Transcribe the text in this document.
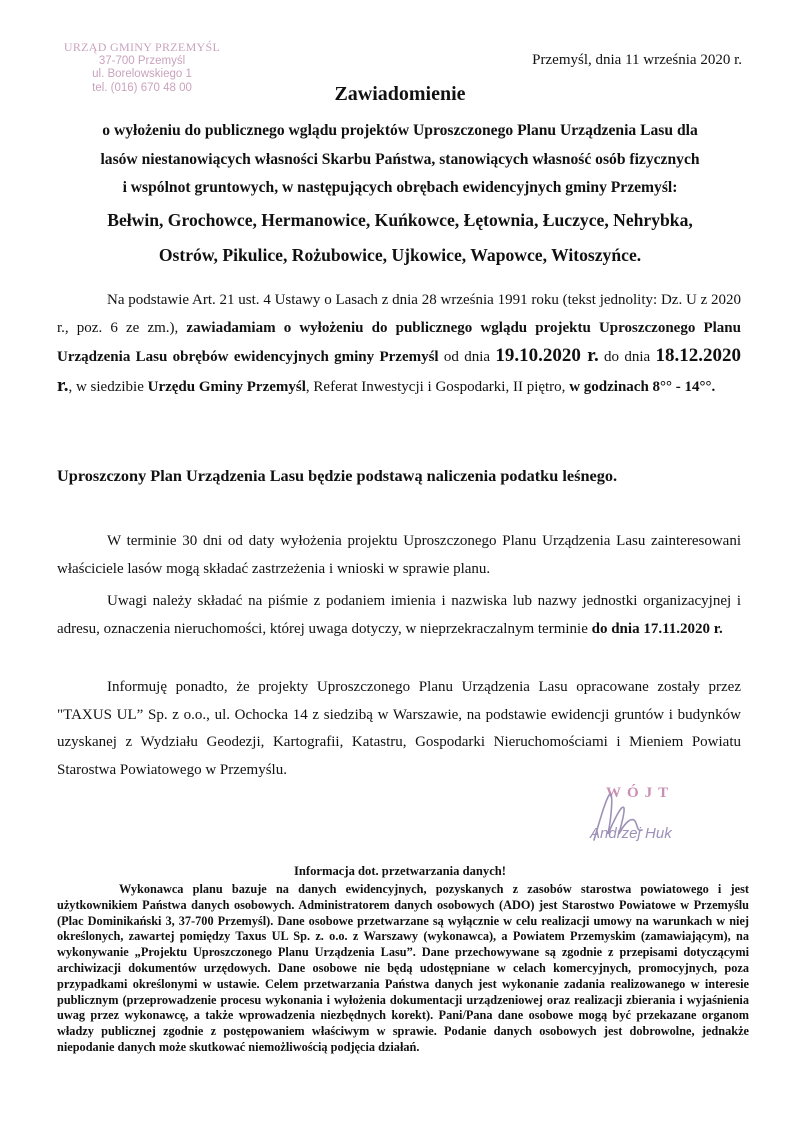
URZĄD GMINY PRZEMYŚL
37-700 Przemyśl
ul. Borelowskiego 1
tel. (016) 670 48 00
Przemyśl, dnia 11 września 2020 r.
Zawiadomienie
o wyłożeniu do publicznego wglądu projektów Uproszczonego Planu Urządzenia Lasu dla
lasów niestanowiących własności Skarbu Państwa, stanowiących własność osób fizycznych
i wspólnot gruntowych, w następujących obrębach ewidencyjnych gminy Przemyśl:
Bełwin, Grochowce, Hermanowice, Kuńkowce, Łętownia, Łuczyce, Nehrybka,
Ostrów, Pikulice, Rożubowice, Ujkowice, Wapowce, Witoszyńce.

Na podstawie Art. 21 ust. 4 Ustawy o Lasach z dnia 28 września 1991 roku (tekst jednolity: Dz. U z 2020 r., poz. 6 ze zm.), zawiadamiam o wyłożeniu do publicznego wglądu projektu Uproszczonego Planu Urządzenia Lasu obrębów ewidencyjnych gminy Przemyśl od dnia 19.10.2020 r. do dnia 18.12.2020 r., w siedzibie Urzędu Gminy Przemyśl, Referat Inwestycji i Gospodarki, II piętro, w godzinach 8°° - 14°°.

Uproszczony Plan Urządzenia Lasu będzie podstawą naliczenia podatku leśnego.

W terminie 30 dni od daty wyłożenia projektu Uproszczonego Planu Urządzenia Lasu zainteresowani właściciele lasów mogą składać zastrzeżenia i wnioski w sprawie planu.

Uwagi należy składać na piśmie z podaniem imienia i nazwiska lub nazwy jednostki organizacyjnej i adresu, oznaczenia nieruchomości, której uwaga dotyczy, w nieprzekraczalnym terminie do dnia 17.11.2020 r.

Informuję ponadto, że projekty Uproszczonego Planu Urządzenia Lasu opracowane zostały przez "TAXUS UL” Sp. z o.o., ul. Ochocka 14 z siedzibą w Warszawie, na podstawie ewidencji gruntów i budynków uzyskanej z Wydziału Geodezji, Kartografii, Katastru, Gospodarki Nieruchomościami i Mieniem Powiatu Starostwa Powiatowego w Przemyślu.

WÓJT
Andrzej Huk
Informacja dot. przetwarzania danych!

Wykonawca planu bazuje na danych ewidencyjnych, pozyskanych z zasobów starostwa powiatowego i jest użytkownikiem Państwa danych osobowych. Administratorem danych osobowych (ADO) jest Starostwo Powiatowe w Przemyślu (Plac Dominikański 3, 37-700 Przemyśl). Dane osobowe przetwarzane są wyłącznie w celu realizacji umowy na warunkach w niej określonych, zawartej pomiędzy Taxus UL Sp. z. o.o. z Warszawy (wykonawca), a Powiatem Przemyskim (zamawiającym), na wykonywanie „Projektu Uproszczonego Planu Urządzenia Lasu”. Dane przechowywane są zgodnie z przepisami dotyczącymi archiwizacji dokumentów urzędowych. Dane osobowe nie będą udostępniane w celach komercyjnych, promocyjnych, poza przypadkami określonymi w ustawie. Celem przetwarzania Państwa danych jest wykonanie zadania realizowanego w interesie publicznym (przeprowadzenie procesu wykonania i wyłożenia dokumentacji urządzeniowej oraz realizacji zbierania i wyjaśnienia uwag przez wykonawcę, a także wprowadzenia niezbędnych korekt). Pani/Pana dane osobowe mogą być przekazane organom władzy publicznej zgodnie z postępowaniem właściwym w sprawie. Podanie danych osobowych jest dobrowolne, jednakże niepodanie danych może skutkować niemożliwością podjęcia działań.
